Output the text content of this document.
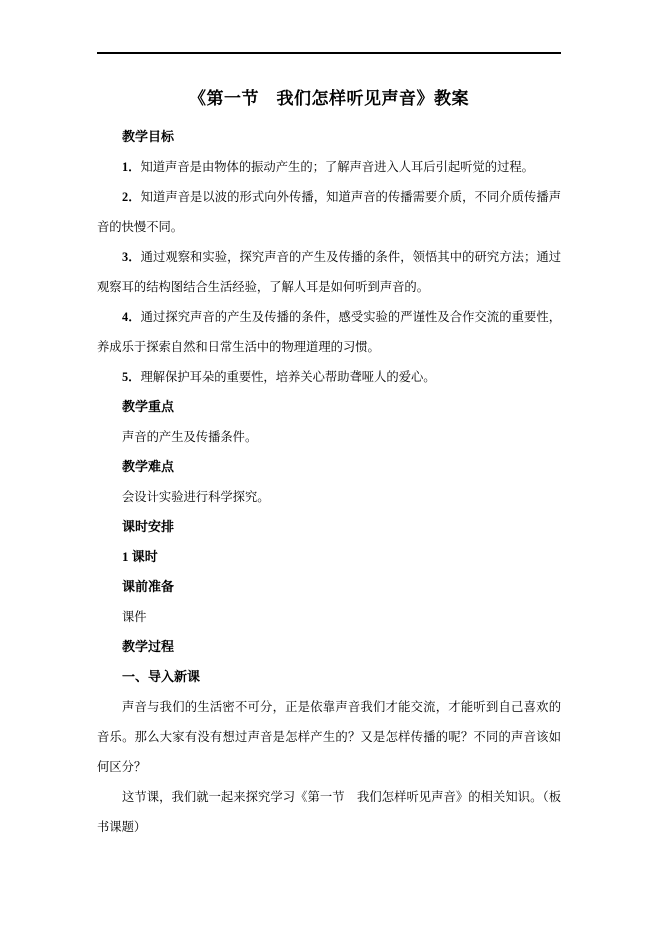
《第一节　我们怎样听见声音》教案

教学目标

1．知道声音是由物体的振动产生的；了解声音进入人耳后引起听觉的过程。

2．知道声音是以波的形式向外传播，知道声音的传播需要介质，不同介质传播声音的快慢不同。

3．通过观察和实验，探究声音的产生及传播的条件，领悟其中的研究方法；通过观察耳的结构图结合生活经验，了解人耳是如何听到声音的。

4．通过探究声音的产生及传播的条件，感受实验的严谨性及合作交流的重要性，养成乐于探索自然和日常生活中的物理道理的习惯。

5．理解保护耳朵的重要性，培养关心帮助聋哑人的爱心。

教学重点

声音的产生及传播条件。

教学难点

会设计实验进行科学探究。

课时安排

1 课时

课前准备

课件

教学过程

一、导入新课

声音与我们的生活密不可分，正是依靠声音我们才能交流，才能听到自己喜欢的音乐。那么大家有没有想过声音是怎样产生的？又是怎样传播的呢？不同的声音该如何区分？

这节课，我们就一起来探究学习《第一节　我们怎样听见声音》的相关知识。（板书课题）
